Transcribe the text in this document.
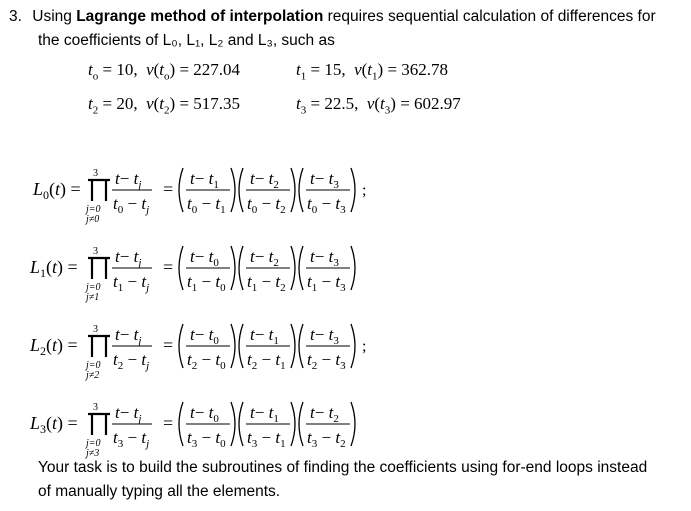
3. Using Lagrange method of interpolation requires sequential calculation of differences for
the coefficients of L₀, L₁, L₂ and L₃, such as
$t_o = 10$,  $v(t_o) = 227.04$	$t_1 = 15$,  $v(t_1) = 362.78$
$t_2 = 20$,  $v(t_2) = 517.35$	$t_3 = 22.5$,  $v(t_3) = 602.97$
$L_0(t)$ =
3
j=0
j≠0
$t- t_j$
$t_0 - t_j$
=
$t- t_1$
$t_0 - t_1$
$t- t_2$
$t_0 - t_2$
$t- t_3$
$t_0 - t_3$
;
$L_1(t)$ =
3
j=0
j≠1
$t- t_j$
$t_1 - t_j$
=
$t- t_0$
$t_1 - t_0$
$t- t_2$
$t_1 - t_2$
$t- t_3$
$t_1 - t_3$
$L_2(t)$ =
3
j=0
j≠2
$t- t_j$
$t_2 - t_j$
=
$t- t_0$
$t_2 - t_0$
$t- t_1$
$t_2 - t_1$
$t- t_3$
$t_2 - t_3$
;
$L_3(t)$ =
3
j=0
j≠3
$t- t_j$
$t_3 - t_j$
=
$t- t_0$
$t_3 - t_0$
$t- t_1$
$t_3 - t_1$
$t- t_2$
$t_3 - t_2$
Your task is to build the subroutines of finding the coefficients using for-end loops instead
of manually typing all the elements.
